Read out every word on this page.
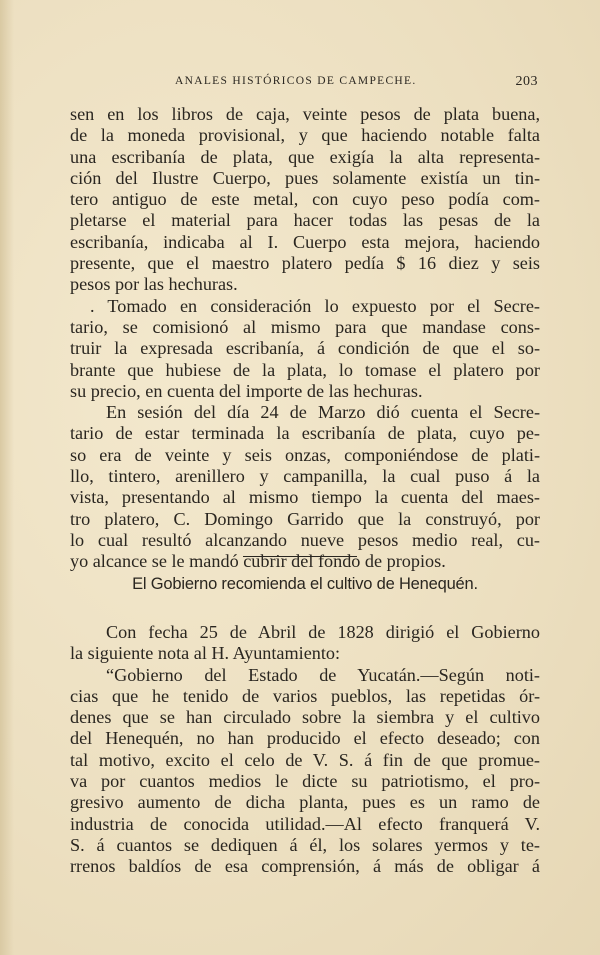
ANALES HISTÓRICOS DE CAMPECHE.	203
sen en los libros de caja, veinte pesos de plata buena,
de la moneda provisional, y que haciendo notable falta
una escribanía de plata, que exigía la alta representa-
ción del Ilustre Cuerpo, pues solamente existía un tin-
tero antiguo de este metal, con cuyo peso podía com-
pletarse el material para hacer todas las pesas de la
escribanía, indicaba al I. Cuerpo esta mejora, haciendo
presente, que el maestro platero pedía $ 16 diez y seis
pesos por las hechuras.
. Tomado en consideración lo expuesto por el Secre-
tario, se comisionó al mismo para que mandase cons-
truir la expresada escribanía, á condición de que el so-
brante que hubiese de la plata, lo tomase el platero por
su precio, en cuenta del importe de las hechuras.
En sesión del día 24 de Marzo dió cuenta el Secre-
tario de estar terminada la escribanía de plata, cuyo pe-
so era de veinte y seis onzas, componiéndose de plati-
llo, tintero, arenillero y campanilla, la cual puso á la
vista, presentando al mismo tiempo la cuenta del maes-
tro platero, C. Domingo Garrido que la construyó, por
lo cual resultó alcanzando nueve pesos medio real, cu-
yo alcance se le mandó cubrir del fondo de propios.
El Gobierno recomienda el cultivo de Henequén.
Con fecha 25 de Abril de 1828 dirigió el Gobierno
la siguiente nota al H. Ayuntamiento:
“Gobierno del Estado de Yucatán.—Según noti-
cias que he tenido de varios pueblos, las repetidas ór-
denes que se han circulado sobre la siembra y el cultivo
del Henequén, no han producido el efecto deseado; con
tal motivo, excito el celo de V. S. á fin de que promue-
va por cuantos medios le dicte su patriotismo, el pro-
gresivo aumento de dicha planta, pues es un ramo de
industria de conocida utilidad.—Al efecto franquerá V.
S. á cuantos se dediquen á él, los solares yermos y te-
rrenos baldíos de esa comprensión, á más de obligar á
